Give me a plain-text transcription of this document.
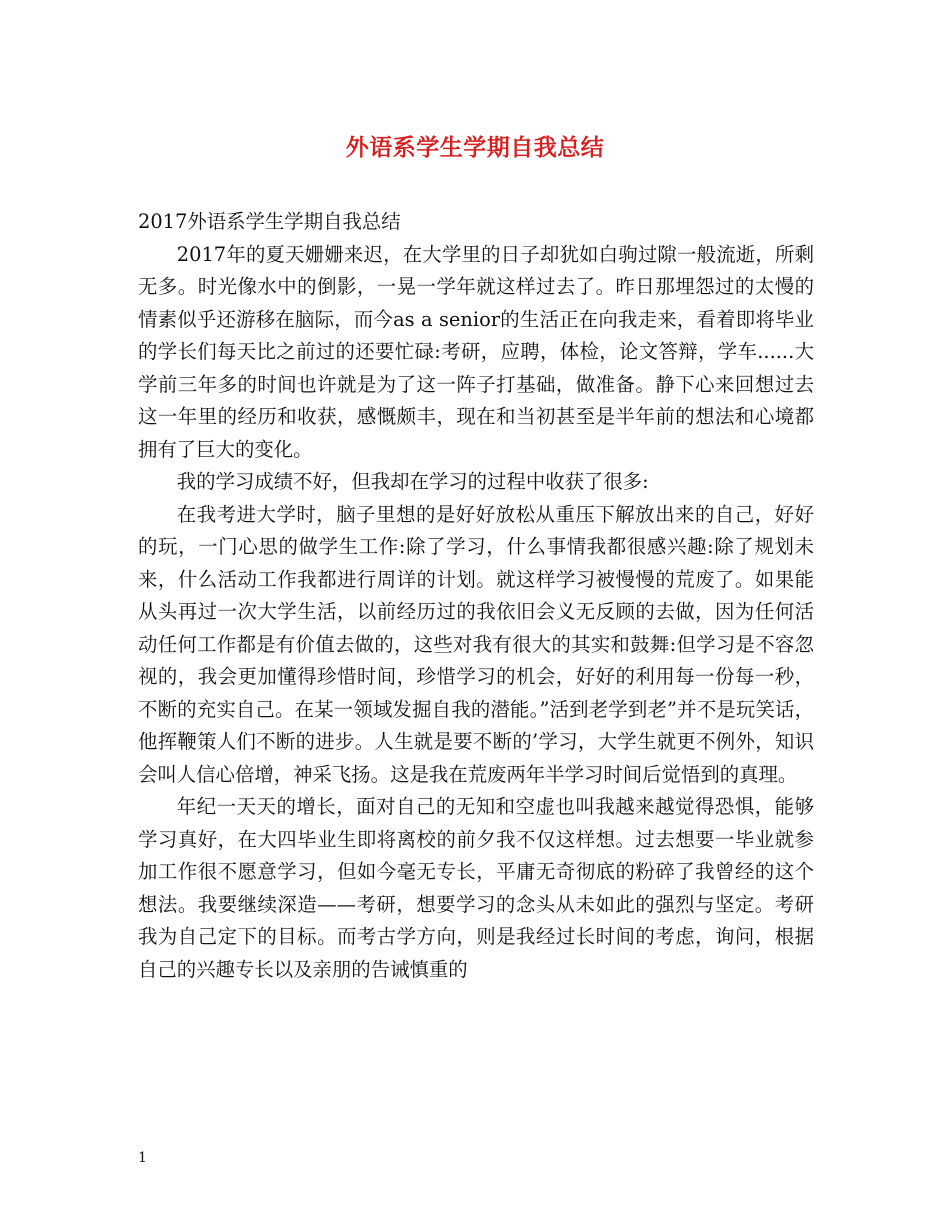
外语系学生学期自我总结

2017外语系学生学期自我总结

2017年的夏天姗姗来迟，在大学里的日子却犹如白驹过隙一般流逝，所剩无多。时光像水中的倒影，一晃一学年就这样过去了。昨日那埋怨过的太慢的情素似乎还游移在脑际，而今as a senior的生活正在向我走来，看着即将毕业的学长们每天比之前过的还要忙碌:考研，应聘，体检，论文答辩，学车......大学前三年多的时间也许就是为了这一阵子打基础，做准备。静下心来回想过去这一年里的经历和收获，感慨颇丰，现在和当初甚至是半年前的想法和心境都拥有了巨大的变化。

我的学习成绩不好，但我却在学习的过程中收获了很多:

在我考进大学时，脑子里想的是好好放松从重压下解放出来的自己，好好的玩，一门心思的做学生工作:除了学习，什么事情我都很感兴趣:除了规划未来，什么活动工作我都进行周详的计划。就这样学习被慢慢的荒废了。如果能从头再过一次大学生活，以前经历过的我依旧会义无反顾的去做，因为任何活动任何工作都是有价值去做的，这些对我有很大的其实和鼓舞:但学习是不容忽视的，我会更加懂得珍惜时间，珍惜学习的机会，好好的利用每一份每一秒，不断的充实自己。在某一领域发掘自我的潜能。”活到老学到老”并不是玩笑话，他挥鞭策人们不断的进步。人生就是要不断的’学习，大学生就更不例外，知识会叫人信心倍增，神采飞扬。这是我在荒废两年半学习时间后觉悟到的真理。

年纪一天天的增长，面对自己的无知和空虚也叫我越来越觉得恐惧，能够学习真好，在大四毕业生即将离校的前夕我不仅这样想。过去想要一毕业就参加工作很不愿意学习，但如今毫无专长，平庸无奇彻底的粉碎了我曾经的这个想法。我要继续深造——考研，想要学习的念头从未如此的强烈与坚定。考研我为自己定下的目标。而考古学方向，则是我经过长时间的考虑，询问，根据自己的兴趣专长以及亲朋的告诫慎重的

1
